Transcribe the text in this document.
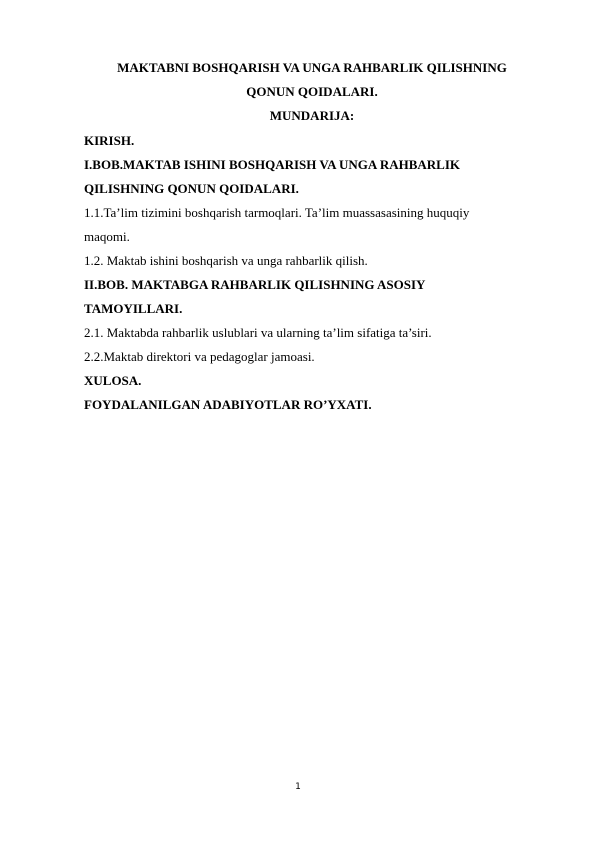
MAKTABNI BOSHQARISH VA UNGA RAHBARLIK QILISHNING
QONUN QOIDALARI.
MUNDARIJA:
KIRISH.
I.BOB.MAKTAB ISHINI BOSHQARISH VA UNGA RAHBARLIK
QILISHNING QONUN QOIDALARI.
1.1.Ta’lim tizimini boshqarish tarmoqlari. Ta’lim muassasasining huquqiy
maqomi.
1.2. Maktab ishini boshqarish va unga rahbarlik qilish.
II.BOB. MAKTABGA RAHBARLIK QILISHNING ASOSIY
TAMOYILLARI.
2.1. Maktabda rahbarlik uslublari va ularning ta’lim sifatiga ta’siri.
2.2.Maktab direktori va pedagoglar jamoasi.
XULOSA.
FOYDALANILGAN ADABIYOTLAR RO’YXATI.
1
